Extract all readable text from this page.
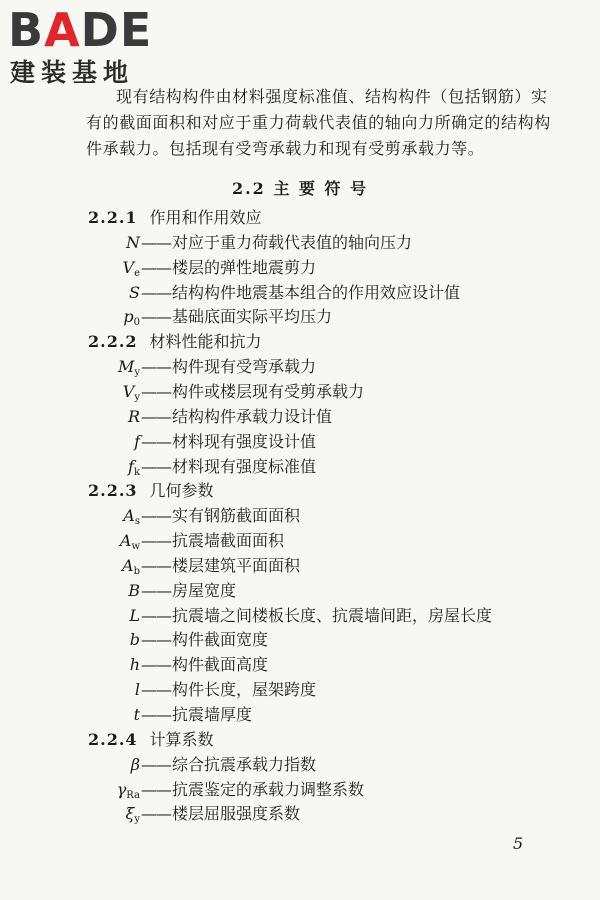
BADE
建装基地
现有结构构件由材料强度标准值、结构构件（包括钢筋）实
有的截面面积和对应于重力荷载代表值的轴向力所确定的结构构
件承载力。包括现有受弯承载力和现有受剪承载力等。
2.2 主 要 符 号
2.2.1 作用和作用效应
N——对应于重力荷载代表值的轴向压力
$V_e——$楼层的弹性地震剪力
S——结构构件地震基本组合的作用效应设计值
$p_0——$基础底面实际平均压力
2.2.2 材料性能和抗力
$M_y——$构件现有受弯承载力
$V_y——$构件或楼层现有受剪承载力
R——结构构件承载力设计值
f——材料现有强度设计值
$f_k——$材料现有强度标准值
2.2.3 几何参数
$A_s——$实有钢筋截面面积
$A_w——$抗震墙截面面积
$A_b——$楼层建筑平面面积
B——房屋宽度
L——抗震墙之间楼板长度、抗震墙间距，房屋长度
b——构件截面宽度
h——构件截面高度
l——构件长度，屋架跨度
t——抗震墙厚度
2.2.4 计算系数
β——综合抗震承载力指数
$\gamma_{Ra}——$抗震鉴定的承载力调整系数
$\xi_y——$楼层屈服强度系数
5
